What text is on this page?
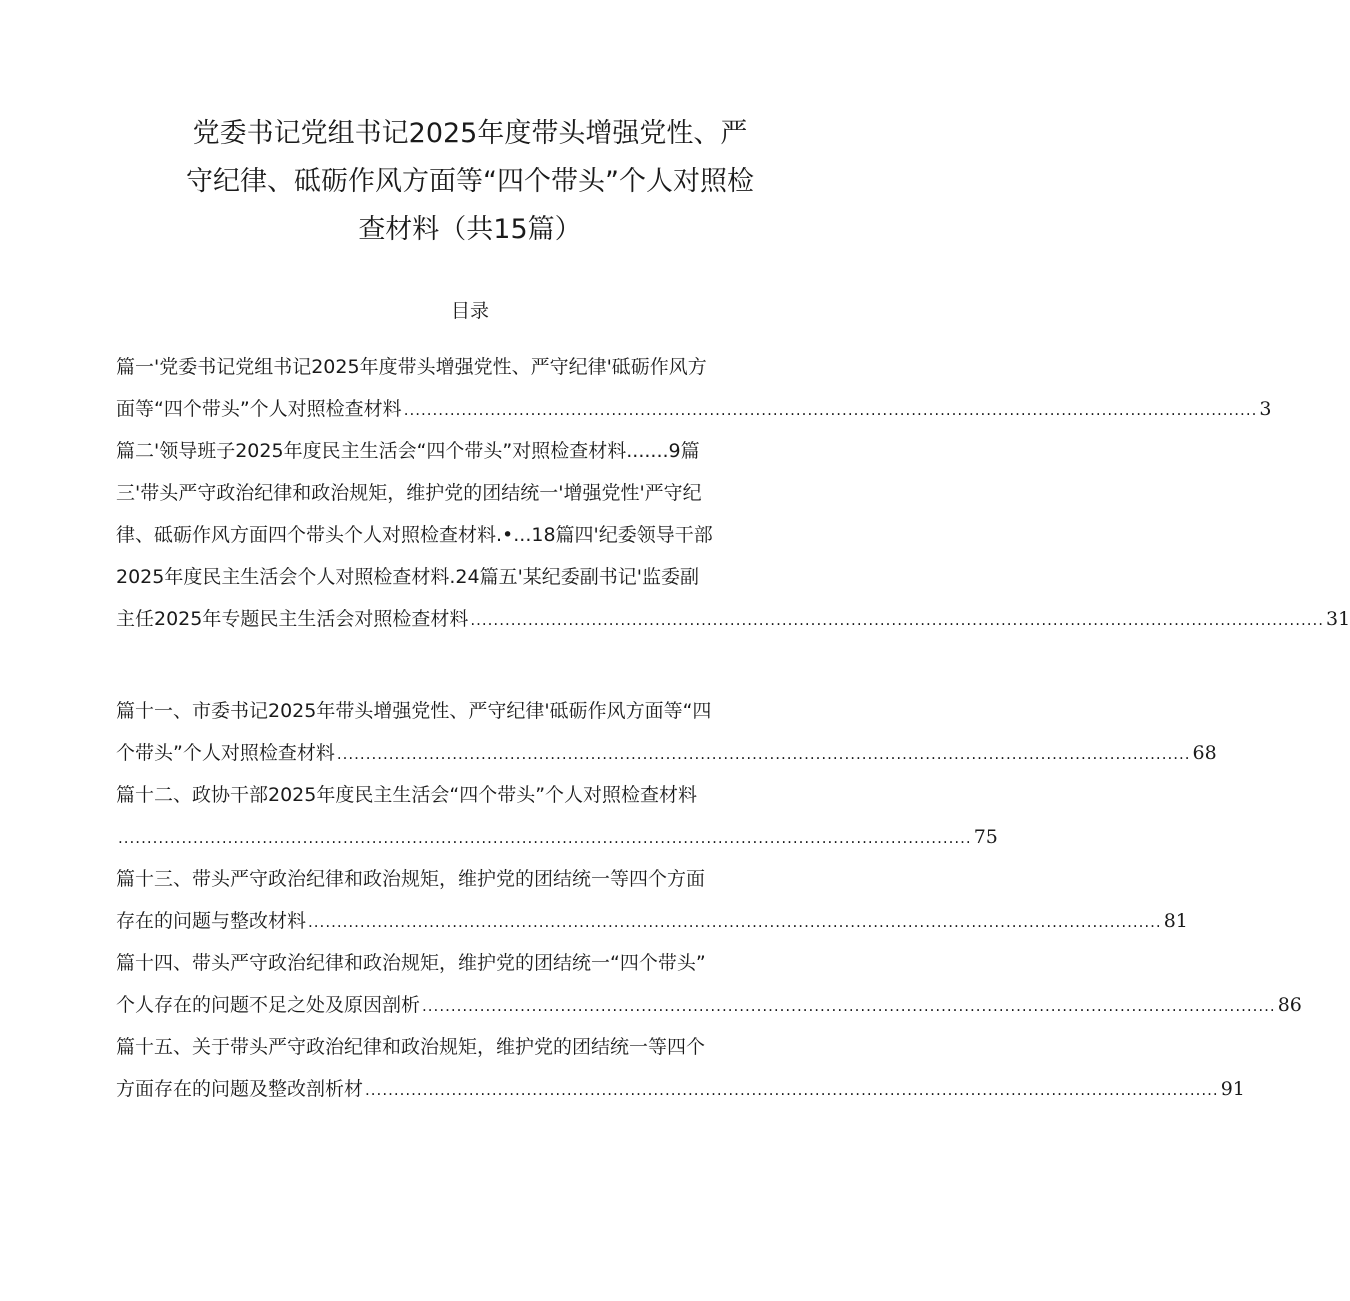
党委书记党组书记2025年度带头增强党性、严
守纪律、砥砺作风方面等“四个带头”个人对照检
查材料（共15篇）
目录
篇一'党委书记党组书记2025年度带头增强党性、严守纪律'砥砺作风方
面等“四个带头”个人对照检查材料 .................................................................................................................................................... 3
篇二'领导班子2025年度民主生活会“四个带头”对照检查材料.......9篇
三'带头严守政治纪律和政治规矩，维护党的团结统一'增强党性'严守纪
律、砥砺作风方面四个带头个人对照检查材料.•...18篇四'纪委领导干部
2025年度民主生活会个人对照检查材料.24篇五'某纪委副书记'监委副
主任2025年专题民主生活会对照检查材料 .................................................................................................................................................... 31
篇十一、市委书记2025年带头增强党性、严守纪律'砥砺作风方面等“四
个带头”个人对照检查材料 .................................................................................................................................................... 68
篇十二、政协干部2025年度民主生活会“四个带头”个人对照检查材料
.................................................................................................................................................... 75
篇十三、带头严守政治纪律和政治规矩，维护党的团结统一等四个方面
存在的问题与整改材料 .................................................................................................................................................... 81
篇十四、带头严守政治纪律和政治规矩，维护党的团结统一“四个带头”
个人存在的问题不足之处及原因剖析 .................................................................................................................................................... 86
篇十五、关于带头严守政治纪律和政治规矩，维护党的团结统一等四个
方面存在的问题及整改剖析材 .................................................................................................................................................... 91
